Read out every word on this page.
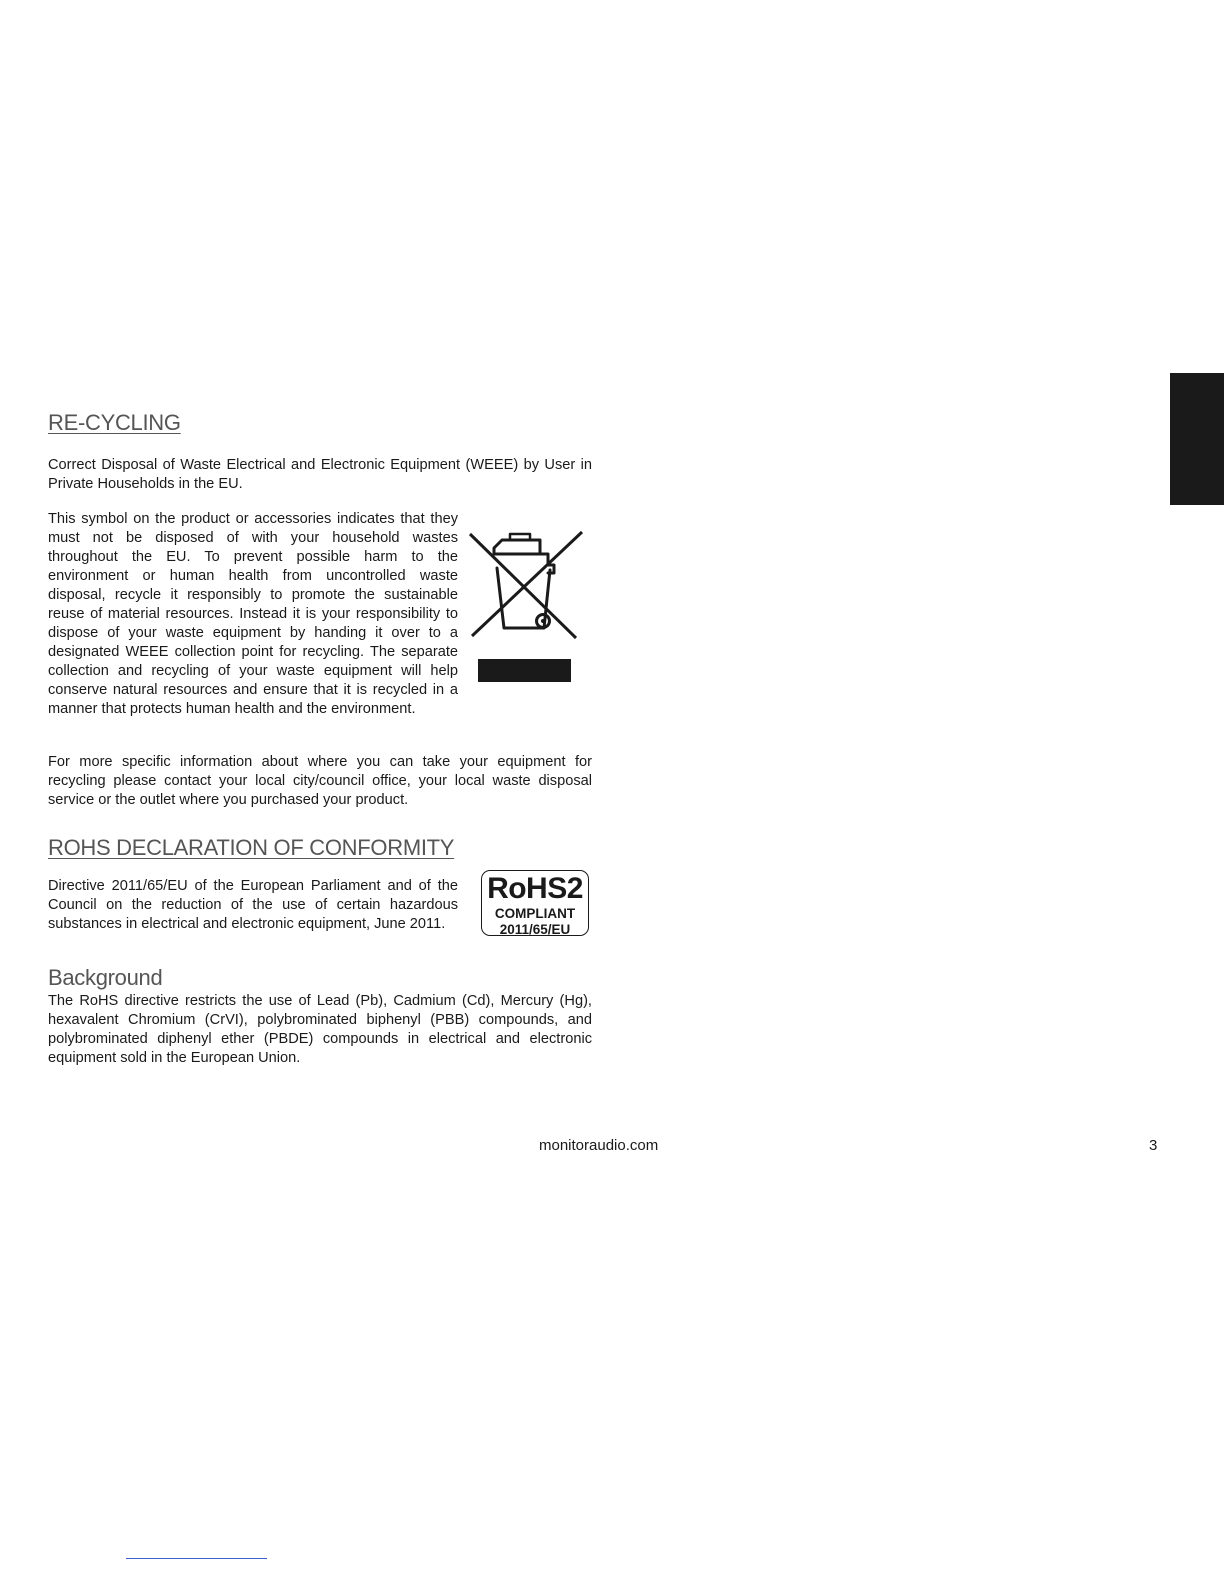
RE-CYCLING

Correct Disposal of Waste Electrical and Electronic Equipment (WEEE) by User in Private Households in the EU.

This symbol on the product or accessories indicates that they must not be disposed of with your household wastes throughout the EU. To prevent possible harm to the environment or human health from uncontrolled waste disposal, recycle it responsibly to promote the sustainable reuse of material resources. Instead it is your responsibility to dispose of your waste equipment by handing it over to a designated WEEE collection point for recycling. The separate collection and recycling of your waste equipment will help conserve natural resources and ensure that it is recycled in a manner that protects human health and the environment.

For more specific information about where you can take your equipment for recycling please contact your local city/council office, your local waste disposal service or the outlet where you purchased your product.

ROHS DECLARATION OF CONFORMITY

Directive 2011/65/EU of the European Parliament and of the Council on the reduction of the use of certain hazardous substances in electrical and electronic equipment, June 2011.

RoHS2
COMPLIANT
2011/65/EU
Background

The RoHS directive restricts the use of Lead (Pb), Cadmium (Cd), Mercury (Hg), hexavalent Chromium (CrVI), polybrominated biphenyl (PBB) compounds, and polybrominated diphenyl ether (PBDE) compounds in electrical and electronic equipment sold in the European Union.

monitoraudio.com	3
